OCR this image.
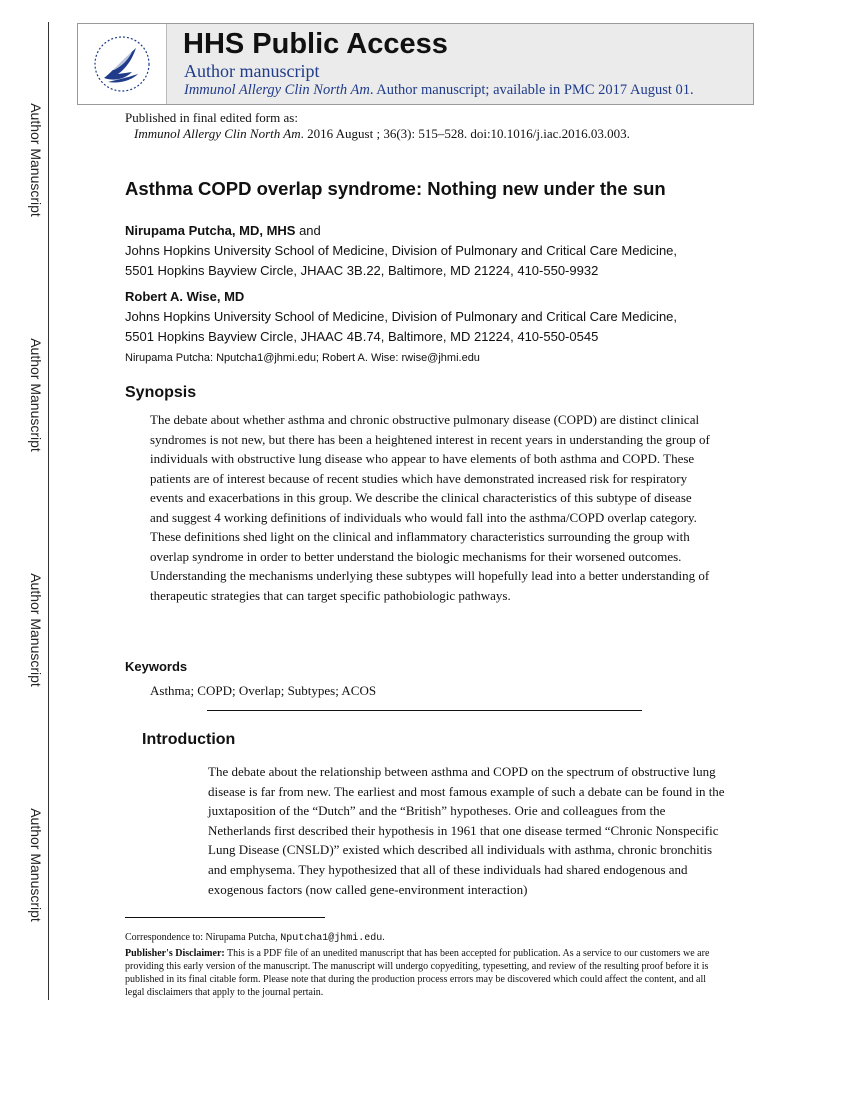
Author Manuscript
Author Manuscript
Author Manuscript
Author Manuscript
HHS Public Access
Author manuscript
Immunol Allergy Clin North Am. Author manuscript; available in PMC 2017 August 01.
Published in final edited form as:
Immunol Allergy Clin North Am. 2016 August ; 36(3): 515–528. doi:10.1016/j.iac.2016.03.003.
Asthma COPD overlap syndrome: Nothing new under the sun
Nirupama Putcha, MD, MHS and
Johns Hopkins University School of Medicine, Division of Pulmonary and Critical Care Medicine,
5501 Hopkins Bayview Circle, JHAAC 3B.22, Baltimore, MD 21224, 410-550-9932
Robert A. Wise, MD
Johns Hopkins University School of Medicine, Division of Pulmonary and Critical Care Medicine,
5501 Hopkins Bayview Circle, JHAAC 4B.74, Baltimore, MD 21224, 410-550-0545
Nirupama Putcha: Nputcha1@jhmi.edu; Robert A. Wise: rwise@jhmi.edu
Synopsis
The debate about whether asthma and chronic obstructive pulmonary disease (COPD) are distinct clinical syndromes is not new, but there has been a heightened interest in recent years in understanding the group of individuals with obstructive lung disease who appear to have elements of both asthma and COPD. These patients are of interest because of recent studies which have demonstrated increased risk for respiratory events and exacerbations in this group. We describe the clinical characteristics of this subtype of disease and suggest 4 working definitions of individuals who would fall into the asthma/COPD overlap category. These definitions shed light on the clinical and inflammatory characteristics surrounding the group with overlap syndrome in order to better understand the biologic mechanisms for their worsened outcomes. Understanding the mechanisms underlying these subtypes will hopefully lead into a better understanding of therapeutic strategies that can target specific pathobiologic pathways.
Keywords
Asthma; COPD; Overlap; Subtypes; ACOS
Introduction
The debate about the relationship between asthma and COPD on the spectrum of obstructive lung disease is far from new. The earliest and most famous example of such a debate can be found in the juxtaposition of the “Dutch” and the “British” hypotheses. Orie and colleagues from the Netherlands first described their hypothesis in 1961 that one disease termed “Chronic Nonspecific Lung Disease (CNSLD)” existed which described all individuals with asthma, chronic bronchitis and emphysema. They hypothesized that all of these individuals had shared endogenous and exogenous factors (now called gene-environment interaction)
Correspondence to: Nirupama Putcha, Nputcha1@jhmi.edu.
Publisher's Disclaimer: This is a PDF file of an unedited manuscript that has been accepted for publication. As a service to our customers we are providing this early version of the manuscript. The manuscript will undergo copyediting, typesetting, and review of the resulting proof before it is published in its final citable form. Please note that during the production process errors may be discovered which could affect the content, and all legal disclaimers that apply to the journal pertain.
